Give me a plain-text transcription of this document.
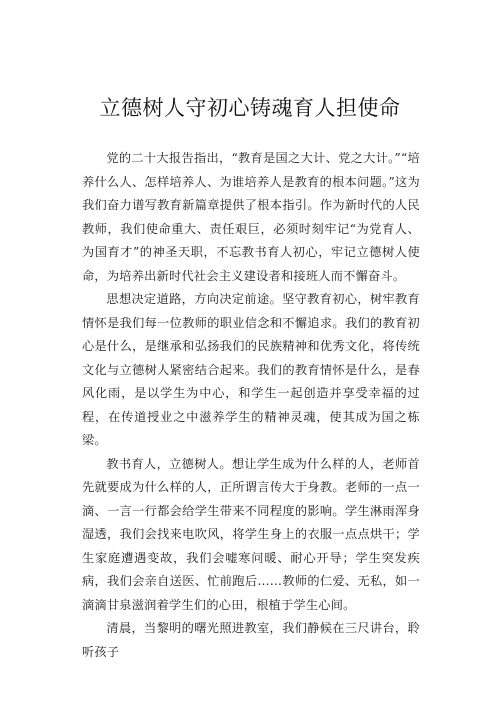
立德树人守初心铸魂育人担使命

党的二十大报告指出，“教育是国之大计、党之大计。”“培养什么人、怎样培养人、为谁培养人是教育的根本问题。”这为我们奋力谱写教育新篇章提供了根本指引。作为新时代的人民教师，我们使命重大、责任艰巨，必须时刻牢记“为党育人、为国育才”的神圣天职，不忘教书育人初心，牢记立德树人使命，为培养出新时代社会主义建设者和接班人而不懈奋斗。

思想决定道路，方向决定前途。坚守教育初心，树牢教育情怀是我们每一位教师的职业信念和不懈追求。我们的教育初心是什么，是继承和弘扬我们的民族精神和优秀文化，将传统文化与立德树人紧密结合起来。我们的教育情怀是什么，是春风化雨，是以学生为中心，和学生一起创造并享受幸福的过程，在传道授业之中滋养学生的精神灵魂，使其成为国之栋梁。

教书育人，立德树人。想让学生成为什么样的人，老师首先就要成为什么样的人，正所谓言传大于身教。老师的一点一滴、一言一行都会给学生带来不同程度的影响。学生淋雨浑身湿透，我们会找来电吹风，将学生身上的衣服一点点烘干；学生家庭遭遇变故，我们会嘘寒问暖、耐心开导；学生突发疾病，我们会亲自送医、忙前跑后……教师的仁爱、无私，如一滴滴甘泉滋润着学生们的心田，根植于学生心间。

清晨，当黎明的曙光照进教室，我们静候在三尺讲台，聆听孩子
